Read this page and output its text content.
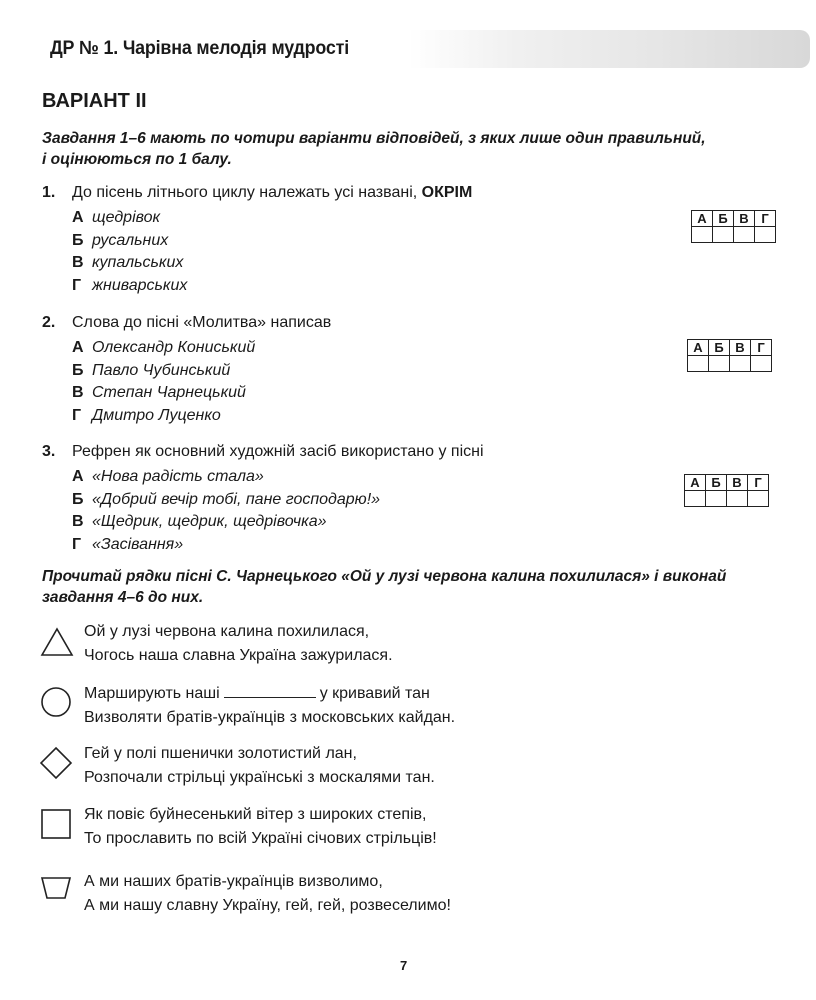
ДР № 1. Чарівна мелодія мудрості
ВАРІАНТ II
Завдання 1–6 мають по чотири варіанти відповідей, з яких лише один правильний,
і оцінюються по 1 балу.
1. До пісень літнього циклу належать усі названі, ОКРІМ
А щедрівок
Б русальних
В купальських
Г жниварських
А	Б	В	Г

2. Слова до пісні «Молитва» написав
А Олександр Кониський
Б Павло Чубинський
В Степан Чарнецький
Г Дмитро Луценко
А	Б	В	Г

3. Рефрен як основний художній засіб використано у пісні
А «Нова радість стала»
Б «Добрий вечір тобі, пане господарю!»
В «Щедрик, щедрик, щедрівочка»
Г «Засівання»
А	Б	В	Г

Прочитай рядки пісні С. Чарнецького «Ой у лузі червона калина похилилася» і виконай
завдання 4–6 до них.
Ой у лузі червона калина похилилася,
Чогось наша славна Україна зажурилася.
Марширують наші	у кривавий тан
Визволяти братів-українців з московських кайдан.
Гей у полі пшенички золотистий лан,
Розпочали стрільці українські з москалями тан.
Як повіє буйнесенький вітер з широких степів,
То прославить по всій Україні січових стрільців!
А ми наших братів-українців визволимо,
А ми нашу славну Україну, гей, гей, розвеселимо!
7
